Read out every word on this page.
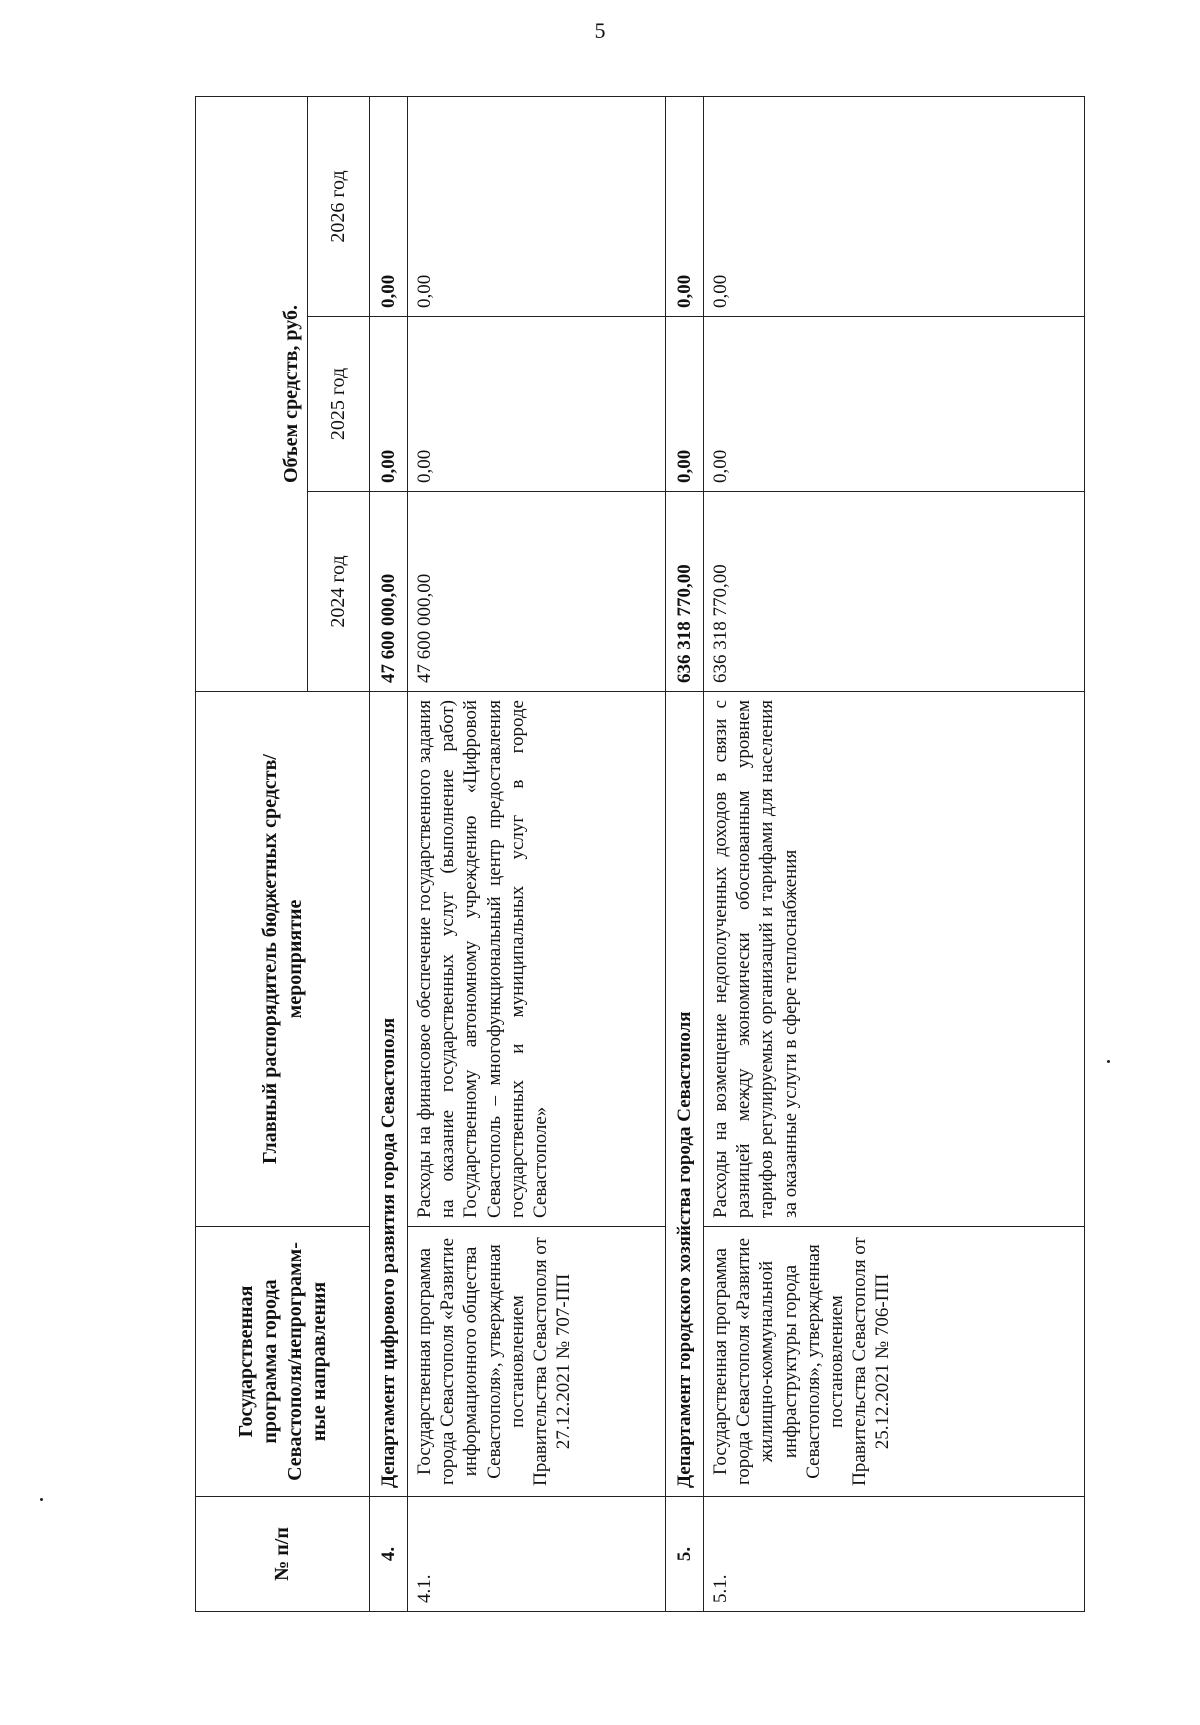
5
№ п/п	Государственная программа города Севастополя/непрограмм-ные направления	Главный распорядитель бюджетных средств/мероприятие	Объем средств, руб.		
			2024 год	2025 год	2026 год
4.	Департамент цифрового развития города Севастополя		47 600 000,00	0,00	0,00
4.1.	Государственная программа города Севастополя «Развитие информационного общества Севастополя», утвержденная постановлением Правительства Севастополя от 27.12.2021 № 707-ПП	Расходы на финансовое обеспечение государственного задания на оказание государственных услуг (выполнение работ) Государственному автономному учреждению «Цифровой Севастополь – многофункциональный центр предоставления государственных и муниципальных услуг в городе Севастополе»	47 600 000,00	0,00	0,00
5.	Департамент городского хозяйства города Севастополя		636 318 770,00	0,00	0,00
5.1.	Государственная программа города Севастополя «Развитие жилищно-коммунальной инфраструктуры города Севастополя», утвержденная постановлением Правительства Севастополя от 25.12.2021 № 706-ПП	Расходы на возмещение недополученных доходов в связи с разницей между экономически обоснованным уровнем тарифов регулируемых организаций и тарифами для населения за оказанные услуги в сфере теплоснабжения	636 318 770,00	0,00	0,00
